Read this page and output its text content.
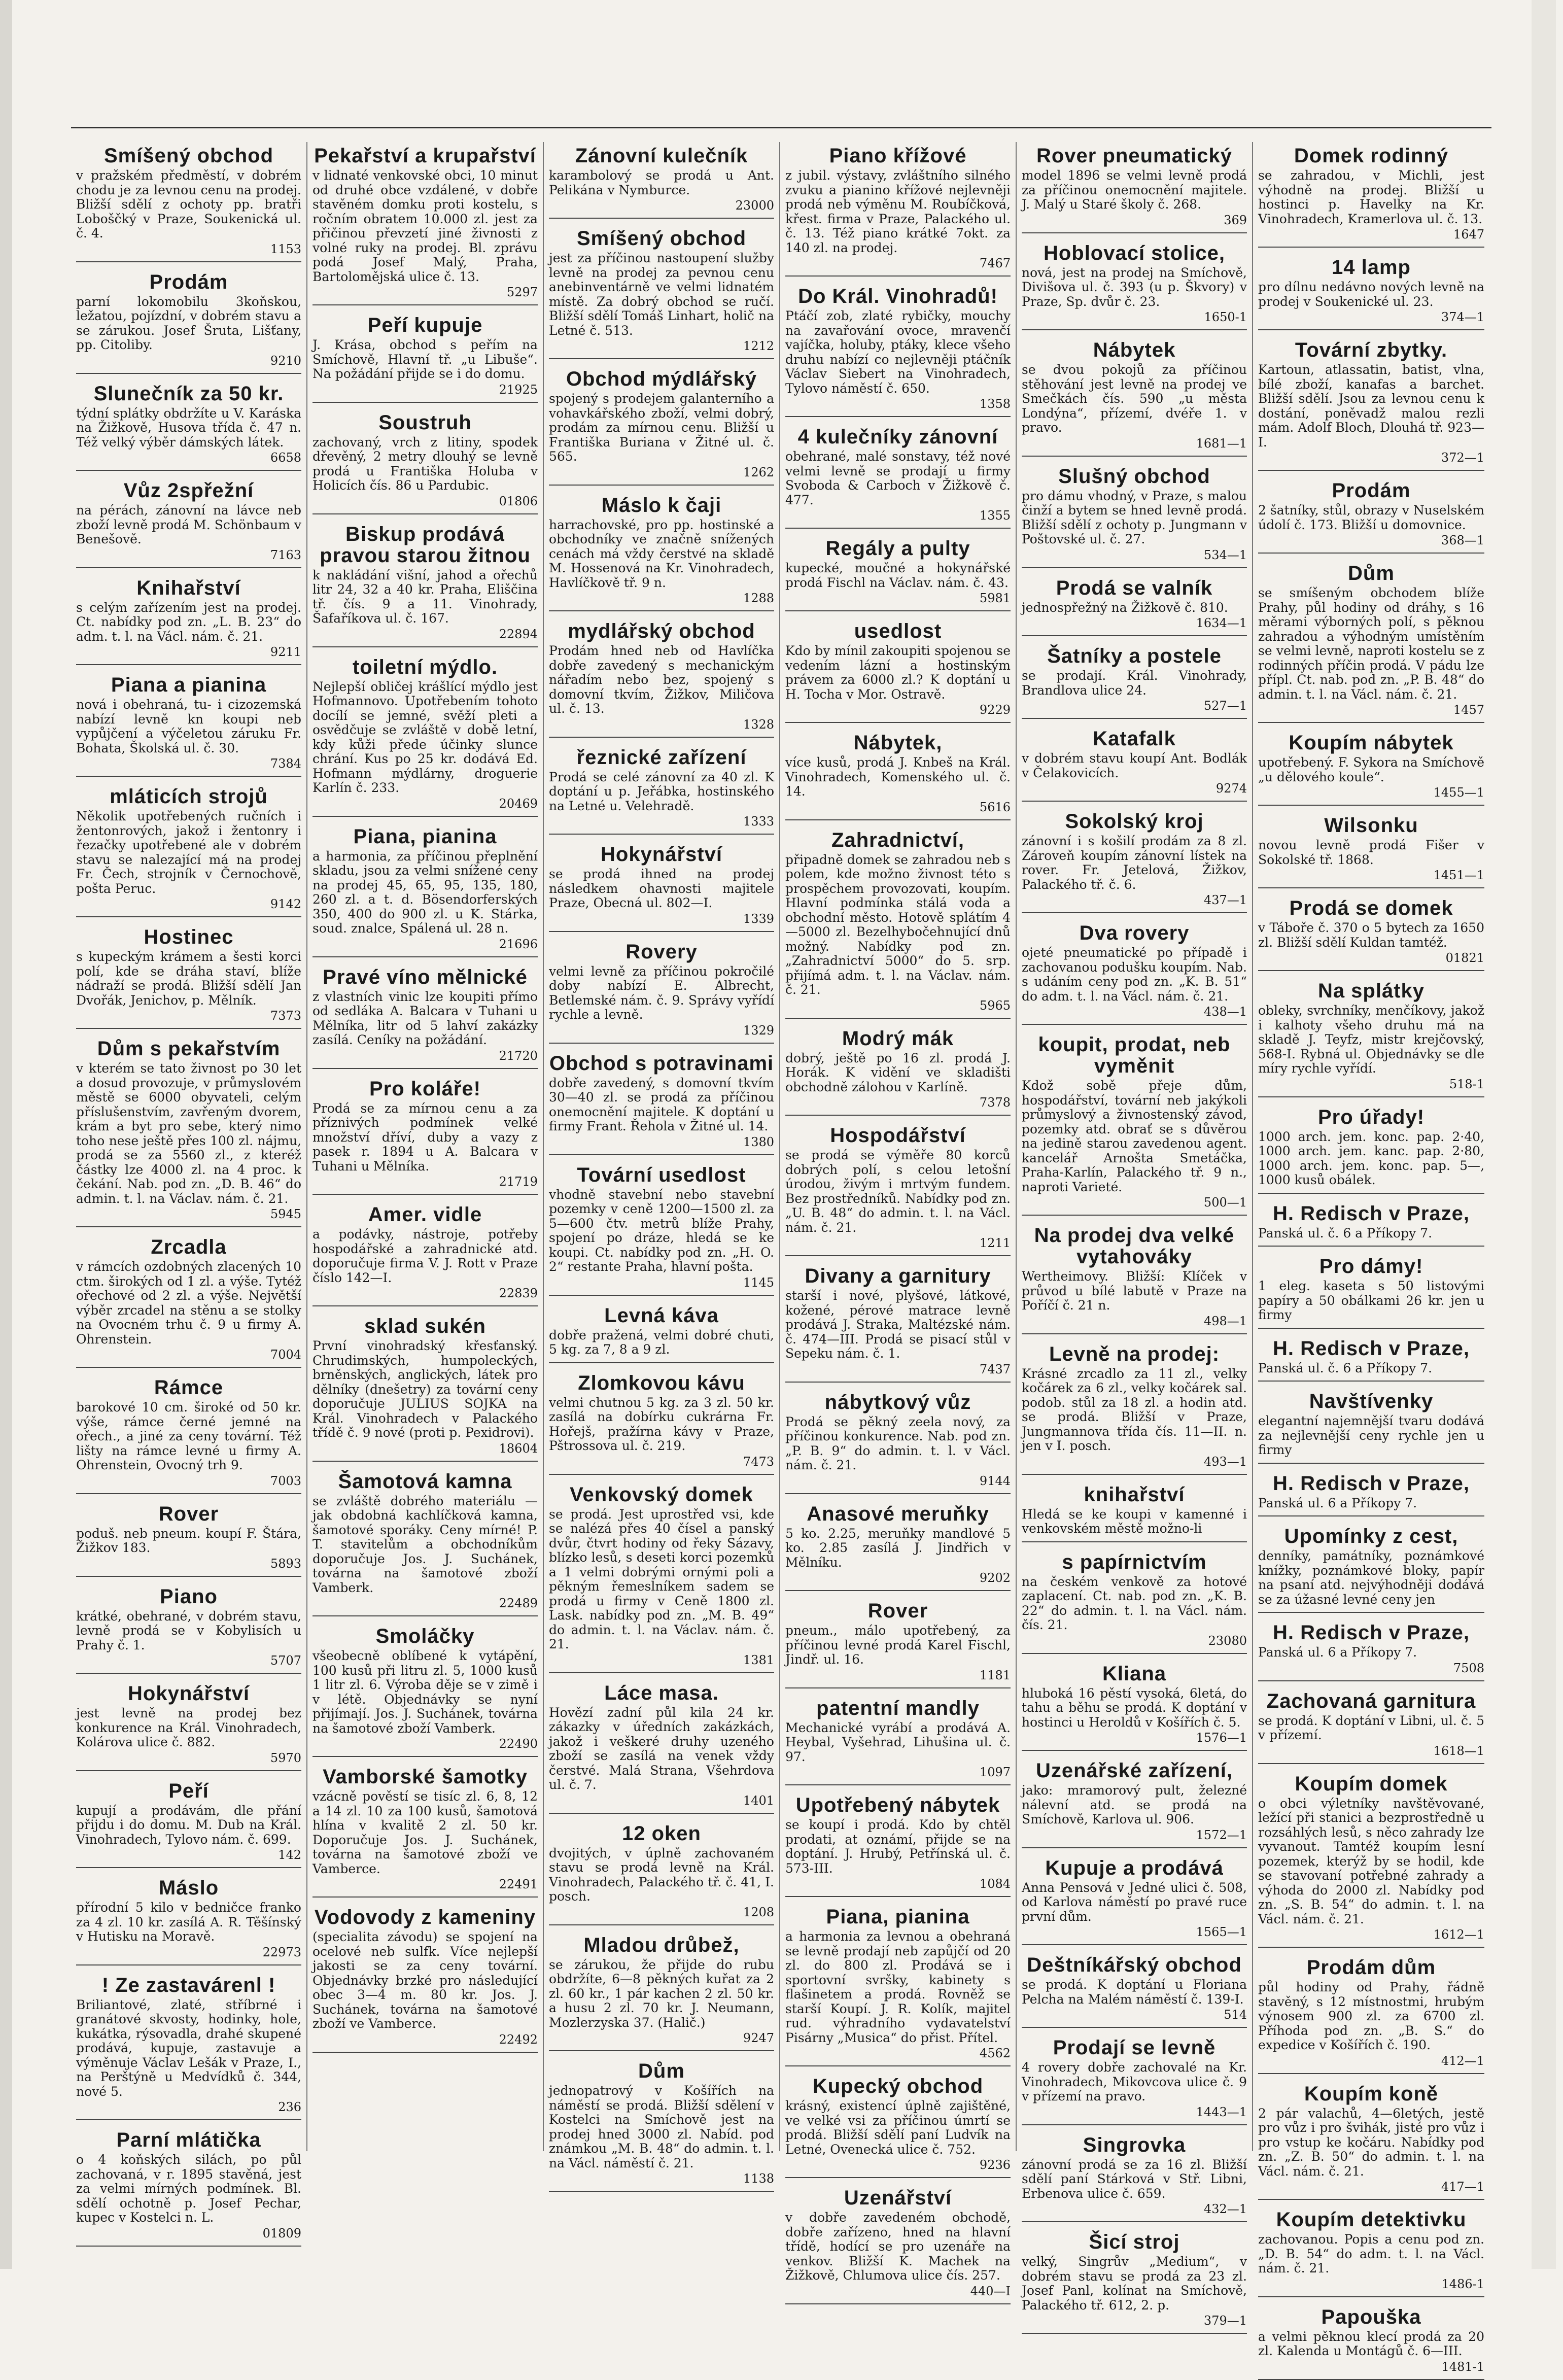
Smíšený obchod

v pražském předměstí, v dobrém chodu je za levnou cenu na prodej. Bližší sdělí z ochoty pp. bratři Loboščký v Praze, Soukenická ul. č. 4.

1153
Prodám

parní lokomobilu 3koňskou, ležatou, pojízdní, v dobrém stavu a se zárukou. Josef Šruta, Lišťany, pp. Citoliby.

9210
Slunečník za 50 kr.

týdní splátky obdržíte u V. Karáska na Žižkově, Husova třída č. 47 n. Též velký výběr dámských látek.

6658
Vůz 2spřežní

na pérách, zánovní na lávce neb zboží levně prodá M. Schönbaum v Benešově.

7163
Knihařství

s celým zařízením jest na prodej. Ct. nabídky pod zn. „L. B. 23“ do adm. t. l. na Václ. nám. č. 21.

9211
Piana a pianina

nová i obehraná, tu- i cizozemská nabízí levně kn koupi neb vypůjčení a výčeletou záruku Fr. Bohata, Školská ul. č. 30.

7384
mláticích strojů

Několik upotřebených ručních i žentonrových, jakož i žentonry i řezačky upotřebené ale v dobrém stavu se nalezající má na prodej Fr. Čech, strojník v Černochově, pošta Peruc.

9142
Hostinec

s kupeckým krámem a šesti korci polí, kde se dráha staví, blíže nádraží se prodá. Bližší sdělí Jan Dvořák, Jenichov, p. Mělník.

7373
Dům s pekařstvím

v kterém se tato živnost po 30 let a dosud provozuje, v průmyslovém městě se 6000 obyvateli, celým příslušenstvím, zavřeným dvorem, krám a byt pro sebe, který nimo toho nese ještě přes 100 zl. nájmu, prodá se za 5560 zl., z kteréž částky lze 4000 zl. na 4 proc. k čekání. Nab. pod zn. „D. B. 46“ do admin. t. l. na Václav. nám. č. 21.

5945
Zrcadla

v rámcích ozdobných zlacených 10 ctm. širokých od 1 zl. a výše. Tytéž ořechové od 2 zl. a výše. Největší výběr zrcadel na stěnu a se stolky na Ovocném trhu č. 9 u firmy A. Ohrenstein.

7004
Rámce

barokové 10 cm. široké od 50 kr. výše, rámce černé jemné na ořech., a jiné za ceny tovární. Též lišty na rámce levné u firmy A. Ohrenstein, Ovocný trh 9.

7003
Rover

poduš. neb pneum. koupí F. Štára, Žižkov 183.

5893
Piano

krátké, obehrané, v dobrém stavu, levně prodá se v Kobylisích u Prahy č. 1.

5707
Hokynářství

jest levně na prodej bez konkurence na Král. Vinohradech, Kolárova ulice č. 882.

5970
Peří

kupují a prodávám, dle přání přijdu i do domu. M. Dub na Král. Vinohradech, Tylovo nám. č. 699.

142
Máslo

přírodní 5 kilo v bedničce franko za 4 zl. 10 kr. zasílá A. R. Těšínský v Hutisku na Moravě.

22973
! Ze zastavárenl !

Briliantové, zlaté, stříbrné i granátové skvosty, hodinky, hole, kukátka, rýsovadla, drahé skupené prodává, kupuje, zastavuje a výměnuje Václav Lešák v Praze, I., na Perštýně u Medvídků č. 344, nové 5.

236
Parní mlátička

o 4 koňských silách, po půl zachovaná, v r. 1895 stavěná, jest za velmi mírných podmínek. Bl. sdělí ochotně p. Josef Pechar, kupec v Kostelci n. L.

01809
Pekařství a krupařství

v lidnaté venkovské obci, 10 minut od druhé obce vzdálené, v dobře stavěném domku proti kostelu, s ročním obratem 10.000 zl. jest za přičinou převzetí jiné živnosti z volné ruky na prodej. Bl. zprávu podá Josef Malý, Praha, Bartolomějská ulice č. 13.

5297
Peří kupuje

J. Krása, obchod s peřím na Smíchově, Hlavní tř. „u Libuše“. Na požádání přijde se i do domu.

21925
Soustruh

zachovaný, vrch z litiny, spodek dřevěný, 2 metry dlouhý se levně prodá u Františka Holuba v Holicích čís. 86 u Pardubic.

01806
Biskup prodává pravou starou žitnou

k nakládání višní, jahod a ořechů litr 24, 32 a 40 kr. Praha, Eliščina tř. čís. 9 a 11. Vinohrady, Šafaříkova ul. č. 167.

22894
toiletní mýdlo.

Nejlepší obličej krášlící mýdlo jest Hofmannovo. Upotřebením tohoto docílí se jemné, svěží pleti a osvědčuje se zvláště v době letní, kdy kůži přede účinky slunce chrání. Kus po 25 kr. dodává Ed. Hofmann mýdlárny, droguerie Karlín č. 233.

20469
Piana, pianina

a harmonia, za příčinou přeplnění skladu, jsou za velmi snížené ceny na prodej 45, 65, 95, 135, 180, 260 zl. a t. d. Bösendorferských 350, 400 do 900 zl. u K. Stárka, soud. znalce, Spálená ul. 28 n.

21696
Pravé víno mělnické

z vlastních vinic lze koupiti přímo od sedláka A. Balcara v Tuhani u Mělníka, litr od 5 lahví zakázky zasílá. Ceníky na požádání.

21720
Pro koláře!

Prodá se za mírnou cenu a za příznivých podmínek velké množství dříví, duby a vazy z pasek r. 1894 u A. Balcara v Tuhani u Mělníka.

21719
Amer. vidle

a podávky, nástroje, potřeby hospodářské a zahradnické atd. doporučuje firma V. J. Rott v Praze číslo 142—I.

22839
sklad sukén

První vinohradský křesťanský. Chrudimských, humpoleckých, brněnských, anglických, látek pro dělníky (dnešetry) za tovární ceny doporučuje JULIUS SOJKA na Král. Vinohradech v Palackého třídě č. 9 nové (proti p. Pexidrovi).

18604
Šamotová kamna

se zvláště dobrého materiálu — jak obdobná kachlíčková kamna, šamotové sporáky. Ceny mírné! P. T. stavitelům a obchodníkům doporučuje Jos. J. Suchánek, továrna na šamotové zboží Vamberk.

22489
Smoláčky

všeobecně oblíbené k vytápění, 100 kusů při litru zl. 5, 1000 kusů 1 litr zl. 6. Výroba děje se v zimě i v létě. Objednávky se nyní přijímají. Jos. J. Suchánek, továrna na šamotové zboží Vamberk.

22490
Vamborské šamotky

vzácně pověstí se tisíc zl. 6, 8, 12 a 14 zl. 10 za 100 kusů, šamotová hlína v kvalitě 2 zl. 50 kr. Doporučuje Jos. J. Suchánek, továrna na šamotové zboží ve Vamberce.

22491
Vodovody z kameniny

(specialita závodu) se spojení na ocelové neb sulfk. Více nejlepší jakosti se za ceny tovární. Objednávky brzké pro následující obec 3—4 m. 80 kr. Jos. J. Suchánek, továrna na šamotové zboží ve Vamberce.

22492
Zánovní kulečník

karambolový se prodá u Ant. Pelikána v Nymburce.

23000
Smíšený obchod

jest za příčinou nastoupení služby levně na prodej za pevnou cenu anebinventárně ve velmi lidnatém místě. Za dobrý obchod se ručí. Bližší sdělí Tomáš Linhart, holič na Letné č. 513.

1212
Obchod mýdlářský

spojený s prodejem galanterního a vohavkářského zboží, velmi dobrý, prodám za mírnou cenu. Bližší u Františka Buriana v Žitné ul. č. 565.

1262
Máslo k čaji

harrachovské, pro pp. hostinské a obchodníky ve značně snížených cenách má vždy čerstvé na skladě M. Hossenová na Kr. Vinohradech, Havlíčkově tř. 9 n.

1288
mydlářský obchod

Prodám hned neb od Havlíčka dobře zavedený s mechanickým nářadím nebo bez, spojený s domovní tkvím, Žižkov, Miličova ul. č. 13.

1328
řeznické zařízení

Prodá se celé zánovní za 40 zl. K doptání u p. Jeřábka, hostinského na Letné u. Velehradě.

1333
Hokynářství

se prodá ihned na prodej následkem ohavnosti majitele Praze, Obecná ul. 802—I.

1339
Rovery

velmi levně za příčinou pokročilé doby nabízí E. Albrecht, Betlemské nám. č. 9. Správy vyřídí rychle a levně.

1329
Obchod s potravinami

dobře zavedený, s domovní tkvím 30—40 zl. se prodá za příčinou onemocnění majitele. K doptání u firmy Frant. Řehola v Žitné ul. 14.

1380
Tovární usedlost

vhodně stavební nebo stavební pozemky v ceně 1200—1500 zl. za 5—600 čtv. metrů blíže Prahy, spojení po dráze, hledá se ke koupi. Ct. nabídky pod zn. „H. O. 2“ restante Praha, hlavní pošta.

1145
Levná káva

dobře pražená, velmi dobré chuti, 5 kg. za 7, 8 a 9 zl.

Zlomkovou kávu

velmi chutnou 5 kg. za 3 zl. 50 kr. zasílá na dobírku cukrárna Fr. Hořejš, pražírna kávy v Praze, Pštrossova ul. č. 219.

7473
Venkovský domek

se prodá. Jest uprostřed vsi, kde se nalézá přes 40 čísel a panský dvůr, čtvrt hodiny od řeky Sázavy, blízko lesů, s deseti korci pozemků a 1 velmi dobrými ornými poli a pěkným řemeslníkem sadem se prodá u firmy v Ceně 1800 zl. Lask. nabídky pod zn. „M. B. 49“ do admin. t. l. na Václav. nám. č. 21.

1381
Láce masa.

Hovězí zadní půl kila 24 kr. zákazky v úředních zakázkách, jakož i veškeré druhy uzeného zboží se zasílá na venek vždy čerstvé. Malá Strana, Všehrdova ul. č. 7.

1401
12 oken

dvojitých, v úplně zachovaném stavu se prodá levně na Král. Vinohradech, Palackého tř. č. 41, I. posch.

1208
Mladou drůbež,

se zárukou, že přijde do rubu obdržíte, 6—8 pěkných kuřat za 2 zl. 60 kr., 1 pár kachen 2 zl. 50 kr. a husu 2 zl. 70 kr. J. Neumann, Mozlerzyska 37. (Halič.)

9247
Dům

jednopatrový v Košířích na náměstí se prodá. Bližší sdělení v Kostelci na Smíchově jest na prodej hned 3000 zl. Nabíd. pod známkou „M. B. 48“ do admin. t. l. na Václ. náměstí č. 21.

1138
Piano křížové

z jubil. výstavy, zvláštního silného zvuku a pianino křížové nejlevněji prodá neb výměnu M. Roubíčková, křest. firma v Praze, Palackého ul. č. 13. Též piano krátké 7okt. za 140 zl. na prodej.

7467
Do Král. Vinohradů!

Ptáčí zob, zlaté rybičky, mouchy na zavařování ovoce, mravenčí vajíčka, holuby, ptáky, klece všeho druhu nabízí co nejlevněji ptáčník Václav Siebert na Vinohradech, Tylovo náměstí č. 650.

1358
4 kulečníky zánovní

obehrané, malé sonstavy, též nové velmi levně se prodají u firmy Svoboda & Carboch v Žižkově č. 477.

1355
Regály a pulty

kupecké, moučné a hokynářské prodá Fischl na Václav. nám. č. 43.

5981
usedlost

Kdo by mínil zakoupiti spojenou se vedením lázní a hostinským právem za 6000 zl.? K doptání u H. Tocha v Mor. Ostravě.

9229
Nábytek,

více kusů, prodá J. Knbeš na Král. Vinohradech, Komenského ul. č. 14.

5616
Zahradnictví,

připadně domek se zahradou neb s polem, kde možno živnost této s prospěchem provozovati, koupím. Hlavní podmínka stálá voda a obchodní město. Hotově splátím 4—5000 zl. Bezelhybočehnující dnů možný. Nabídky pod zn. „Zahradnictví 5000“ do 5. srp. přijímá adm. t. l. na Václav. nám. č. 21.

5965
Modrý mák

dobrý, ještě po 16 zl. prodá J. Horák. K vidění ve skladišti obchodně zálohou v Karlíně.

7378
Hospodářství

se prodá se výměře 80 korců dobrých polí, s celou letošní úrodou, živým i mrtvým fundem. Bez prostředníků. Nabídky pod zn. „U. B. 48“ do admin. t. l. na Václ. nám. č. 21.

1211
Divany a garnitury

starší i nové, plyšové, látkové, kožené, pérové matrace levně prodává J. Straka, Maltézské nám. č. 474—III. Prodá se pisací stůl v Sepeku nám. č. 1.

7437
nábytkový vůz

Prodá se pěkný zeela nový, za příčinou konkurence. Nab. pod zn. „P. B. 9“ do admin. t. l. v Václ. nám. č. 21.

9144
Anasové meruňky

5 ko. 2.25, meruňky mandlové 5 ko. 2.85 zasílá J. Jindřich v Mělníku.

9202
Rover

pneum., málo upotřebený, za příčinou levné prodá Karel Fischl, Jindř. ul. 16.

1181
patentní mandly

Mechanické vyrábí a prodává A. Heybal, Vyšehrad, Lihušina ul. č. 97.

1097
Upotřebený nábytek

se koupí i prodá. Kdo by chtěl prodati, at oznámí, přijde se na doptání. J. Hrubý, Petřínská ul. č. 573-III.

1084
Piana, pianina

a harmonia za levnou a obehraná se levně prodají neb zapůjčí od 20 zl. do 800 zl. Prodává se i sportovní svršky, kabinety s flašinetem a prodá. Rovněž se starší Koupí. J. R. Kolík, majitel rud. výhradního vydavatelství Pisárny „Musica“ do přist. Přítel.

4562
Kupecký obchod

krásný, existencí úplně zajištěné, ve velké vsi za příčinou úmrtí se prodá. Bližší sdělí paní Ludvík na Letné, Ovenecká ulice č. 752.

9236
Uzenářství

v dobře zavedeném obchodě, dobře zařízeno, hned na hlavní třídě, hodící se pro uzenáře na venkov. Bližší K. Machek na Žižkově, Chlumova ulice čís. 257.

440—I
Rover pneumatický

model 1896 se velmi levně prodá za příčinou onemocnění majitele. J. Malý u Staré školy č. 268.

369
Hoblovací stolice,

nová, jest na prodej na Smíchově, Divišova ul. č. 393 (u p. Škvory) v Praze, Sp. dvůr č. 23.

1650-1
Nábytek

se dvou pokojů za příčinou stěhování jest levně na prodej ve Smečkách čís. 590 „u města Londýna“, přízemí, dvéře 1. v pravo.

1681—1
Slušný obchod

pro dámu vhodný, v Praze, s malou činží a bytem se hned levně prodá. Bližší sdělí z ochoty p. Jungmann v Poštovské ul. č. 27.

534—1
Prodá se valník

jednospřežný na Žižkově č. 810.

1634—1
Šatníky a postele

se prodají. Král. Vinohrady, Brandlova ulice 24.

527—1
Katafalk

v dobrém stavu koupí Ant. Bodlák v Čelakovicích.

9274
Sokolský kroj

zánovní i s košilí prodám za 8 zl. Zároveň koupím zánovní lístek na rover. Fr. Jetelová, Žižkov, Palackého tř. č. 6.

437—1
Dva rovery

ojeté pneumatické po případě i zachovanou podušku koupím. Nab. s udáním ceny pod zn. „K. B. 51“ do adm. t. l. na Václ. nám. č. 21.

438—1
koupit, prodat, neb vyměnit

Kdož sobě přeje dům, hospodářství, tovární neb jakýkoli průmyslový a živnostenský závod, pozemky atd. obrať se s důvěrou na jedině starou zavedenou agent. kancelář Arnošta Smetáčka, Praha-Karlín, Palackého tř. 9 n., naproti Varieté.

500—1
Na prodej dva velké vytahováky

Wertheimovy. Bližší: Klíček v průvod u bílé labutě v Praze na Poříčí č. 21 n.

498—1
Levně na prodej:

Krásné zrcadlo za 11 zl., velky kočárek za 6 zl., velky kočárek sal. podob. stůl za 18 zl. a hodin atd. se prodá. Bližší v Praze, Jungmannova třída čís. 11—II. n. jen v I. posch.

493—1
knihařství

Hledá se ke koupi v kamenné i venkovském městě možno-li

s papírnictvím

na českém venkově za hotové zaplacení. Ct. nab. pod zn. „K. B. 22“ do admin. t. l. na Václ. nám. čís. 21.

23080
Kliana

hluboká 16 pěstí vysoká, 6letá, do tahu a běhu se prodá. K doptání v hostinci u Heroldů v Košířích č. 5.

1576—1
Uzenářské zařízení,

jako: mramorový pult, železné nálevní atd. se prodá na Smíchově, Karlova ul. 906.

1572—1
Kupuje a prodává

Anna Pensová v Jedné ulici č. 508, od Karlova náměstí po pravé ruce první dům.

1565—1
Deštníkářský obchod

se prodá. K doptání u Floriana Pelcha na Malém náměstí č. 139-I.

514
Prodají se levně

4 rovery dobře zachovalé na Kr. Vinohradech, Mikovcova ulice č. 9 v přízemí na pravo.

1443—1
Singrovka

zánovní prodá se za 16 zl. Bližší sdělí paní Stárková v Stř. Libni, Erbenova ulice č. 659.

432—1
Šicí stroj

velký, Singrův „Medium“, v dobrém stavu se prodá za 23 zl. Josef Panl, kolínat na Smíchově, Palackého tř. 612, 2. p.

379—1
Domek rodinný

se zahradou, v Michli, jest výhodně na prodej. Bližší u hostinci p. Havelky na Kr. Vinohradech, Kramerlova ul. č. 13.

1647
14 lamp

pro dílnu nedávno nových levně na prodej v Soukenické ul. 23.

374—1
Tovární zbytky.

Kartoun, atlassatin, batist, vlna, bílé zboží, kanafas a barchet. Bližší sdělí. Jsou za levnou cenu k dostání, poněvadž malou rezli mám. Adolf Bloch, Dlouhá tř. 923—I.

372—1
Prodám

2 šatníky, stůl, obrazy v Nuselském údolí č. 173. Bližší u domovnice.

368—1
Dům

se smíšeným obchodem blíže Prahy, půl hodiny od dráhy, s 16 měrami výborných polí, s pěknou zahradou a výhodným umístěním se velmi levně, naproti kostelu se z rodinných příčin prodá. V pádu lze přípl. Ct. nab. pod zn. „P. B. 48“ do admin. t. l. na Václ. nám. č. 21.

1457
Koupím nábytek

upotřebený. F. Sykora na Smíchově „u dělového koule“.

1455—1
Wilsonku

novou levně prodá Fišer v Sokolské tř. 1868.

1451—1
Prodá se domek

v Táboře č. 370 o 5 bytech za 1650 zl. Bližší sdělí Kuldan tamtéž.

01821
Na splátky

obleky, svrchníky, menčíkovy, jakož i kalhoty všeho druhu má na skladě J. Teyfz, mistr krejčovský, 568-I. Rybná ul. Objednávky se dle míry rychle vyřídí.

518-1
Pro úřady!

1000 arch. jem. konc. pap. 2·40, 1000 arch. jem. kanc. pap. 2·80, 1000 arch. jem. konc. pap. 5—, 1000 kusů obálek.

H. Redisch v Praze,

Panská ul. č. 6 a Příkopy 7.

Pro dámy!

1 eleg. kaseta s 50 listovými papíry a 50 obálkami 26 kr. jen u firmy

H. Redisch v Praze,

Panská ul. č. 6 a Příkopy 7.

Navštívenky

elegantní najemnější tvaru dodává za nejlevnější ceny rychle jen u firmy

H. Redisch v Praze,

Panská ul. 6 a Příkopy 7.

Upomínky z cest,

denníky, památníky, poznámkové knížky, poznámkové bloky, papír na psaní atd. nejvýhodněji dodává se za úžasné levné ceny jen

H. Redisch v Praze,

Panská ul. 6 a Příkopy 7.

7508
Zachovaná garnitura

se prodá. K doptání v Libni, ul. č. 5 v přízemí.

1618—1
Koupím domek

o obci výletníky navštěvované, ležící při stanici a bezprostředně u rozsáhlých lesů, s něco zahrady lze vyvanout. Tamtéž koupím lesní pozemek, kterýž by se hodil, kde se stavovaní potřebné zahrady a výhoda do 2000 zl. Nabídky pod zn. „S. B. 54“ do admin. t. l. na Václ. nám. č. 21.

1612—1
Prodám dům

půl hodiny od Prahy, řádně stavěný, s 12 místnostmi, hrubým výnosem 900 zl. za 6700 zl. Příhoda pod zn. „B. S.“ do expedice v Košířích č. 190.

412—1
Koupím koně

2 pár valachů, 4—6letých, jestě pro vůz i pro švihák, jisté pro vůz i pro vstup ke kočáru. Nabídky pod zn. „Z. B. 50“ do admin. t. l. na Václ. nám. č. 21.

417—1
Koupím detektivku

zachovanou. Popis a cenu pod zn. „D. B. 54“ do adm. t. l. na Václ. nám. č. 21.

1486-1
Papouška

a velmi pěknou klecí prodá za 20 zl. Kalenda u Montágů č. 6—III.

1481-1
